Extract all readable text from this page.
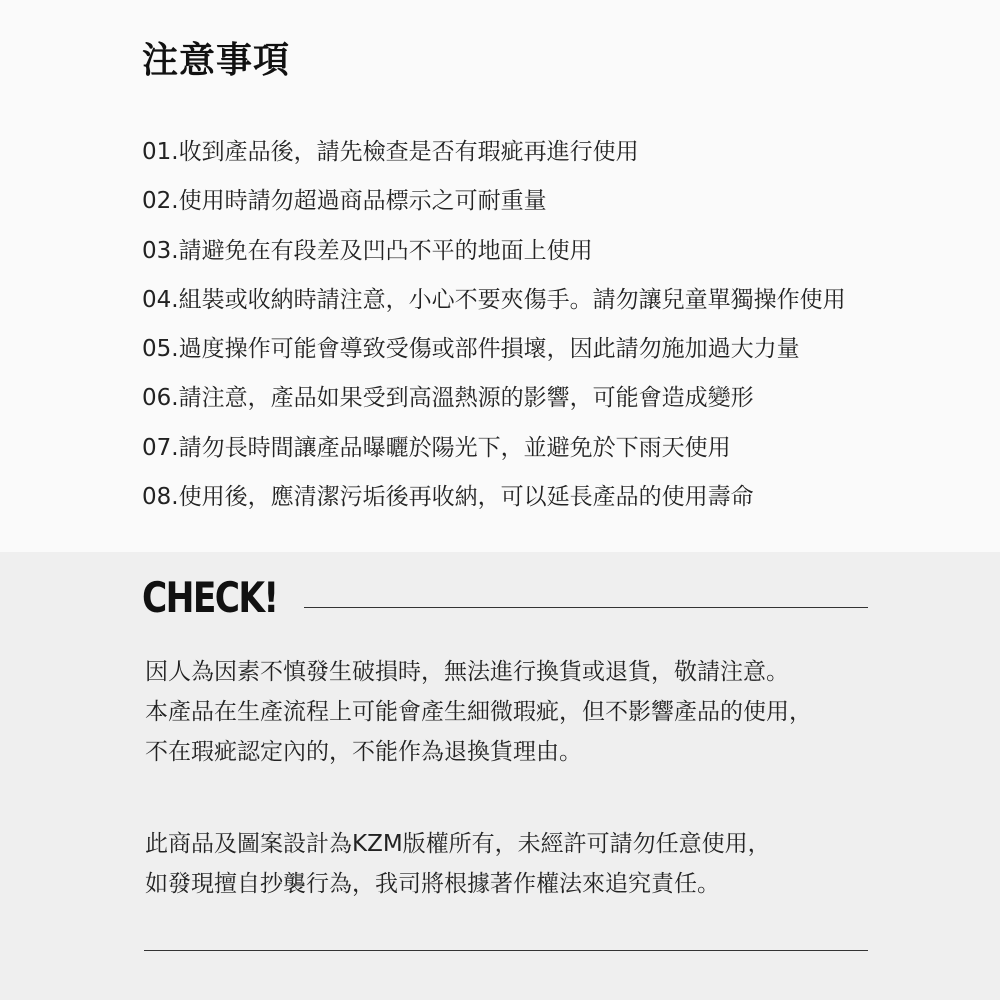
注意事項
01.收到產品後，請先檢查是否有瑕疵再進行使用
02.使用時請勿超過商品標示之可耐重量
03.請避免在有段差及凹凸不平的地面上使用
04.組裝或收納時請注意，小心不要夾傷手。請勿讓兒童單獨操作使用
05.過度操作可能會導致受傷或部件損壞，因此請勿施加過大力量
06.請注意，產品如果受到高溫熱源的影響，可能會造成變形
07.請勿長時間讓產品曝曬於陽光下，並避免於下雨天使用
08.使用後，應清潔污垢後再收納，可以延長產品的使用壽命
CHECK!

因人為因素不慎發生破損時，無法進行換貨或退貨，敬請注意。

本產品在生產流程上可能會產生細微瑕疵，但不影響產品的使用，

不在瑕疵認定內的，不能作為退換貨理由。

此商品及圖案設計為KZM版權所有，未經許可請勿任意使用，

如發現擅自抄襲行為，我司將根據著作權法來追究責任。
